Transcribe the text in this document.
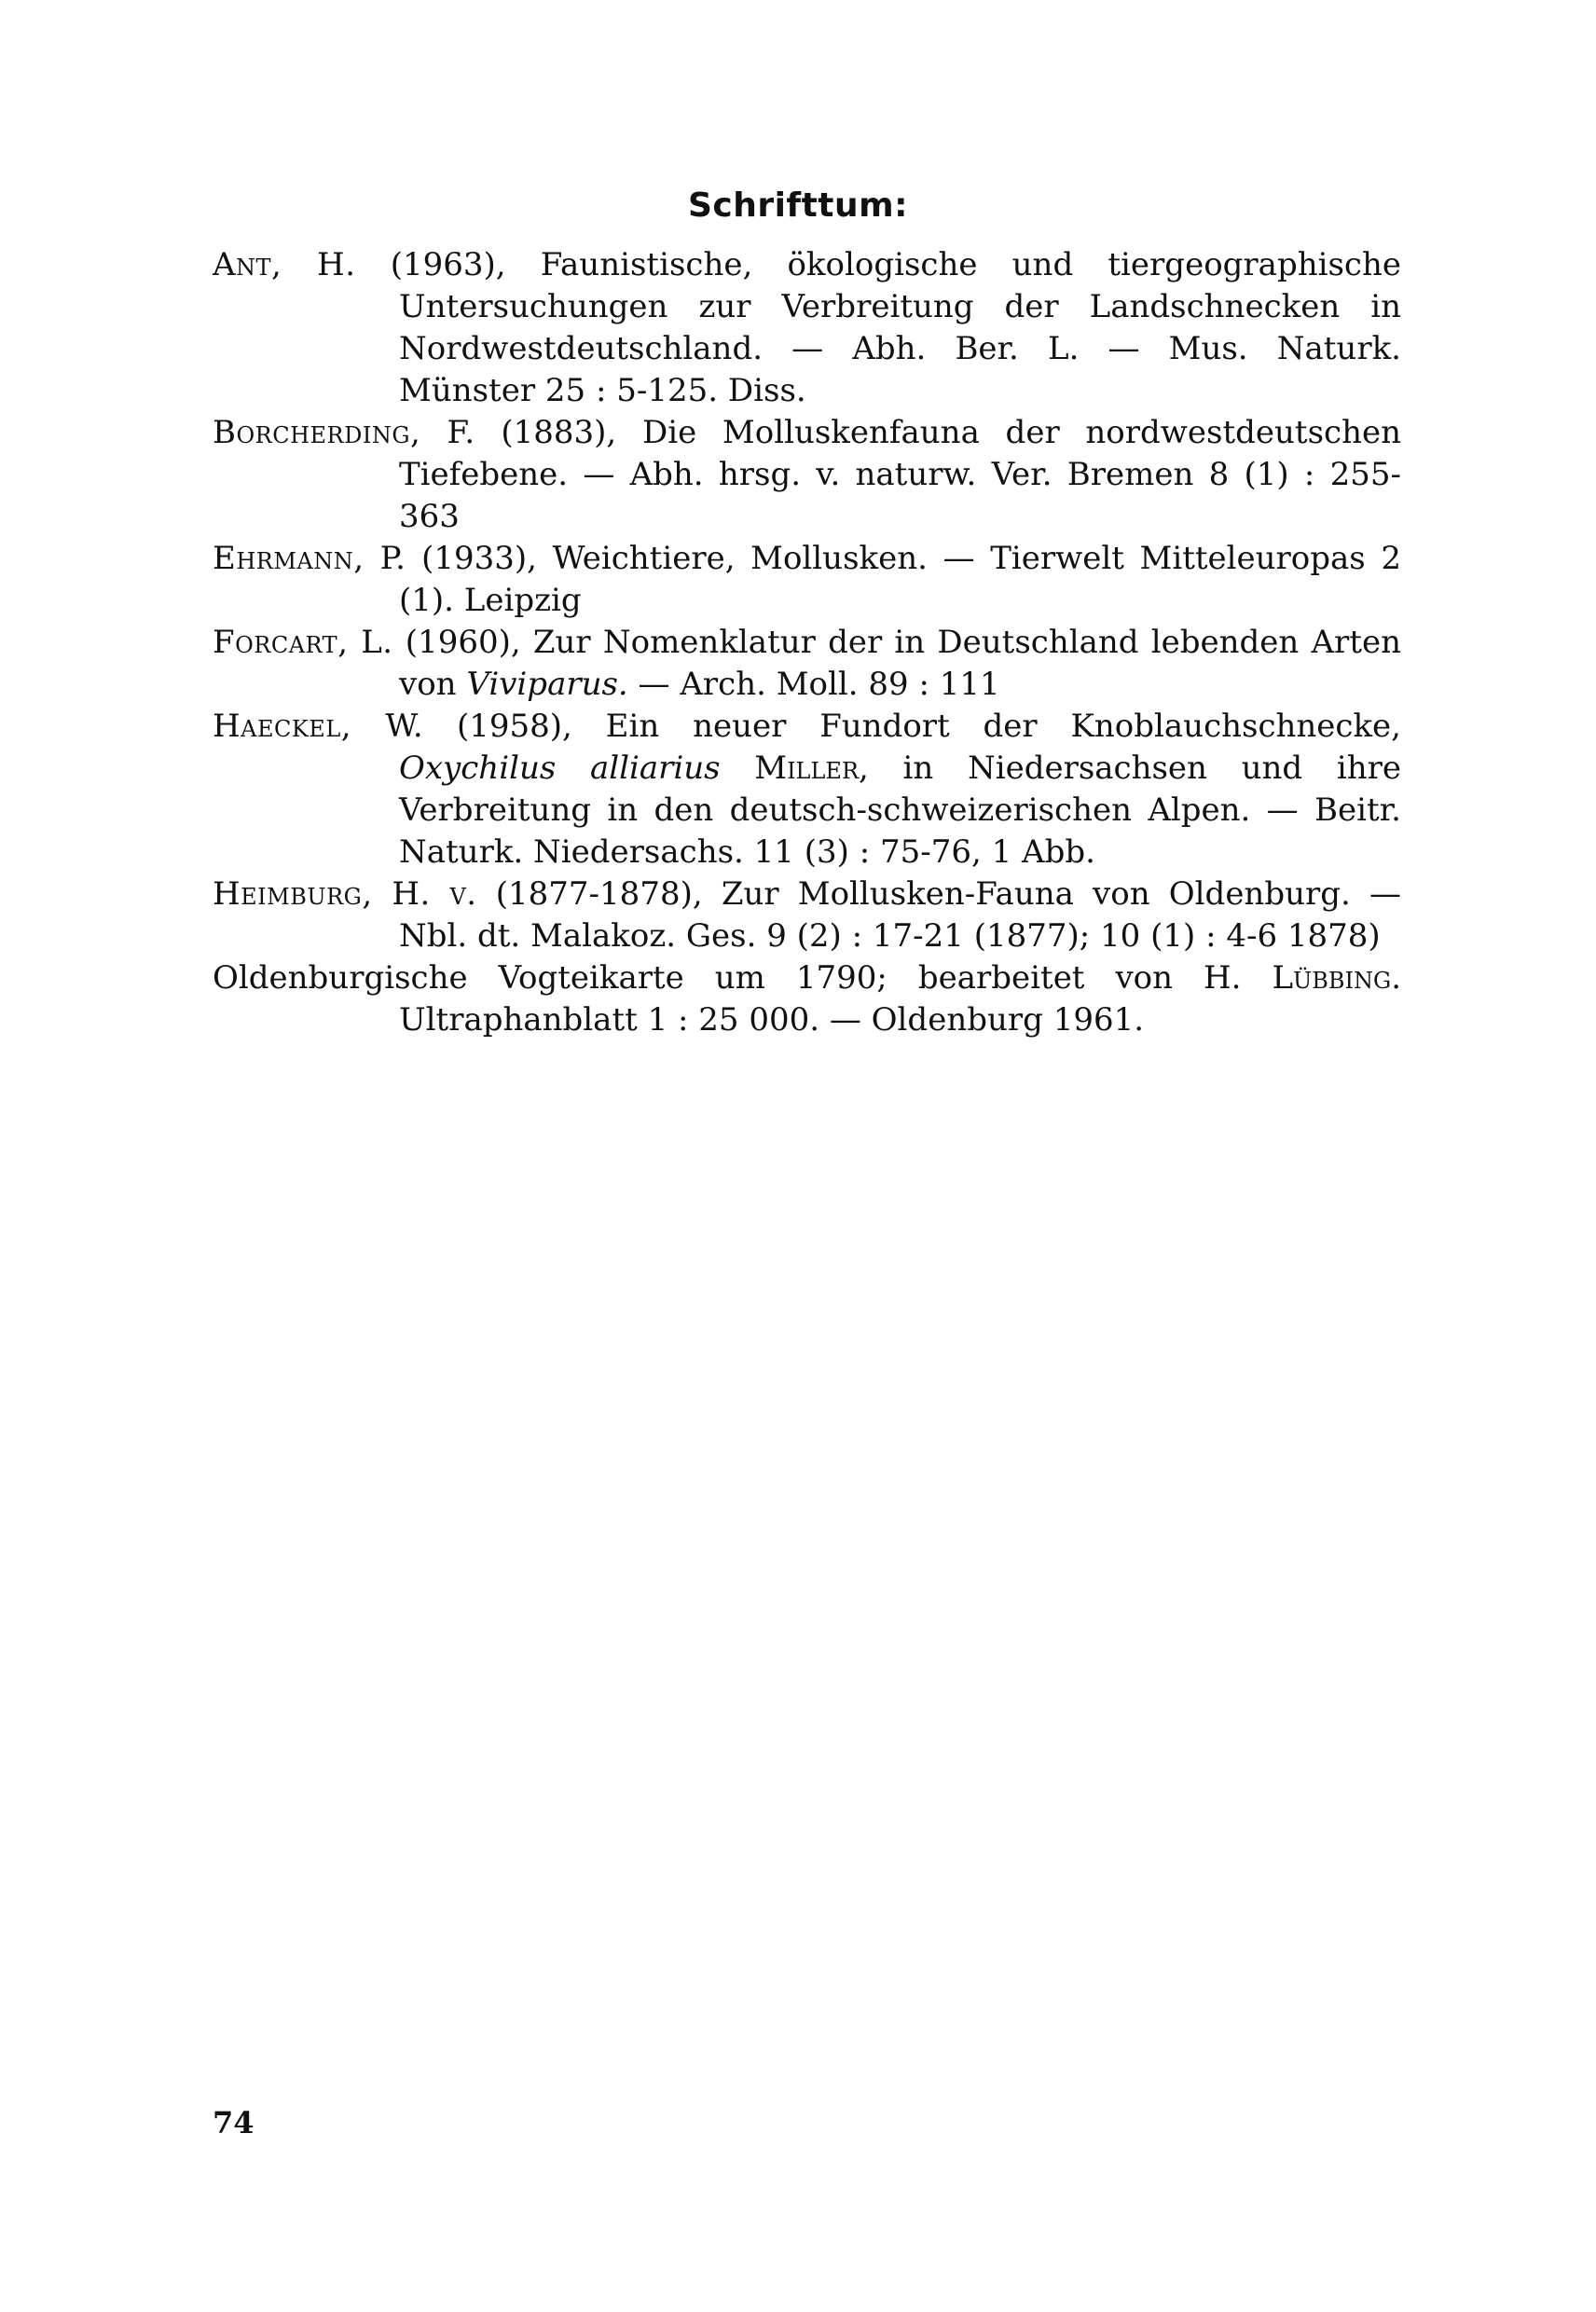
Schrifttum:
Ant, H. (1963), Faunistische, ökologische und tiergeographische Untersuchungen zur Verbreitung der Landschnecken in Nordwestdeutschland. — Abh. Ber. L. — Mus. Naturk. Münster 25 : 5-125. Diss.
Borcherding, F. (1883), Die Molluskenfauna der nordwestdeutschen Tiefebene. — Abh. hrsg. v. naturw. Ver. Bremen 8 (1) : 255-363
Ehrmann, P. (1933), Weichtiere, Mollusken. — Tierwelt Mitteleuropas 2 (1). Leipzig
Forcart, L. (1960), Zur Nomenklatur der in Deutschland lebenden Arten von Viviparus. — Arch. Moll. 89 : 111
Haeckel, W. (1958), Ein neuer Fundort der Knoblauchschnecke, Oxychilus alliarius Miller, in Niedersachsen und ihre Verbreitung in den deutsch-schweizerischen Alpen. — Beitr. Naturk. Niedersachs. 11 (3) : 75-76, 1 Abb.
Heimburg, H. v. (1877-1878), Zur Mollusken-Fauna von Oldenburg. — Nbl. dt. Malakoz. Ges. 9 (2) : 17-21 (1877); 10 (1) : 4-6 1878)
Oldenburgische Vogteikarte um 1790; bearbeitet von H. Lübbing. Ultraphanblatt 1 : 25 000. — Oldenburg 1961.
74
